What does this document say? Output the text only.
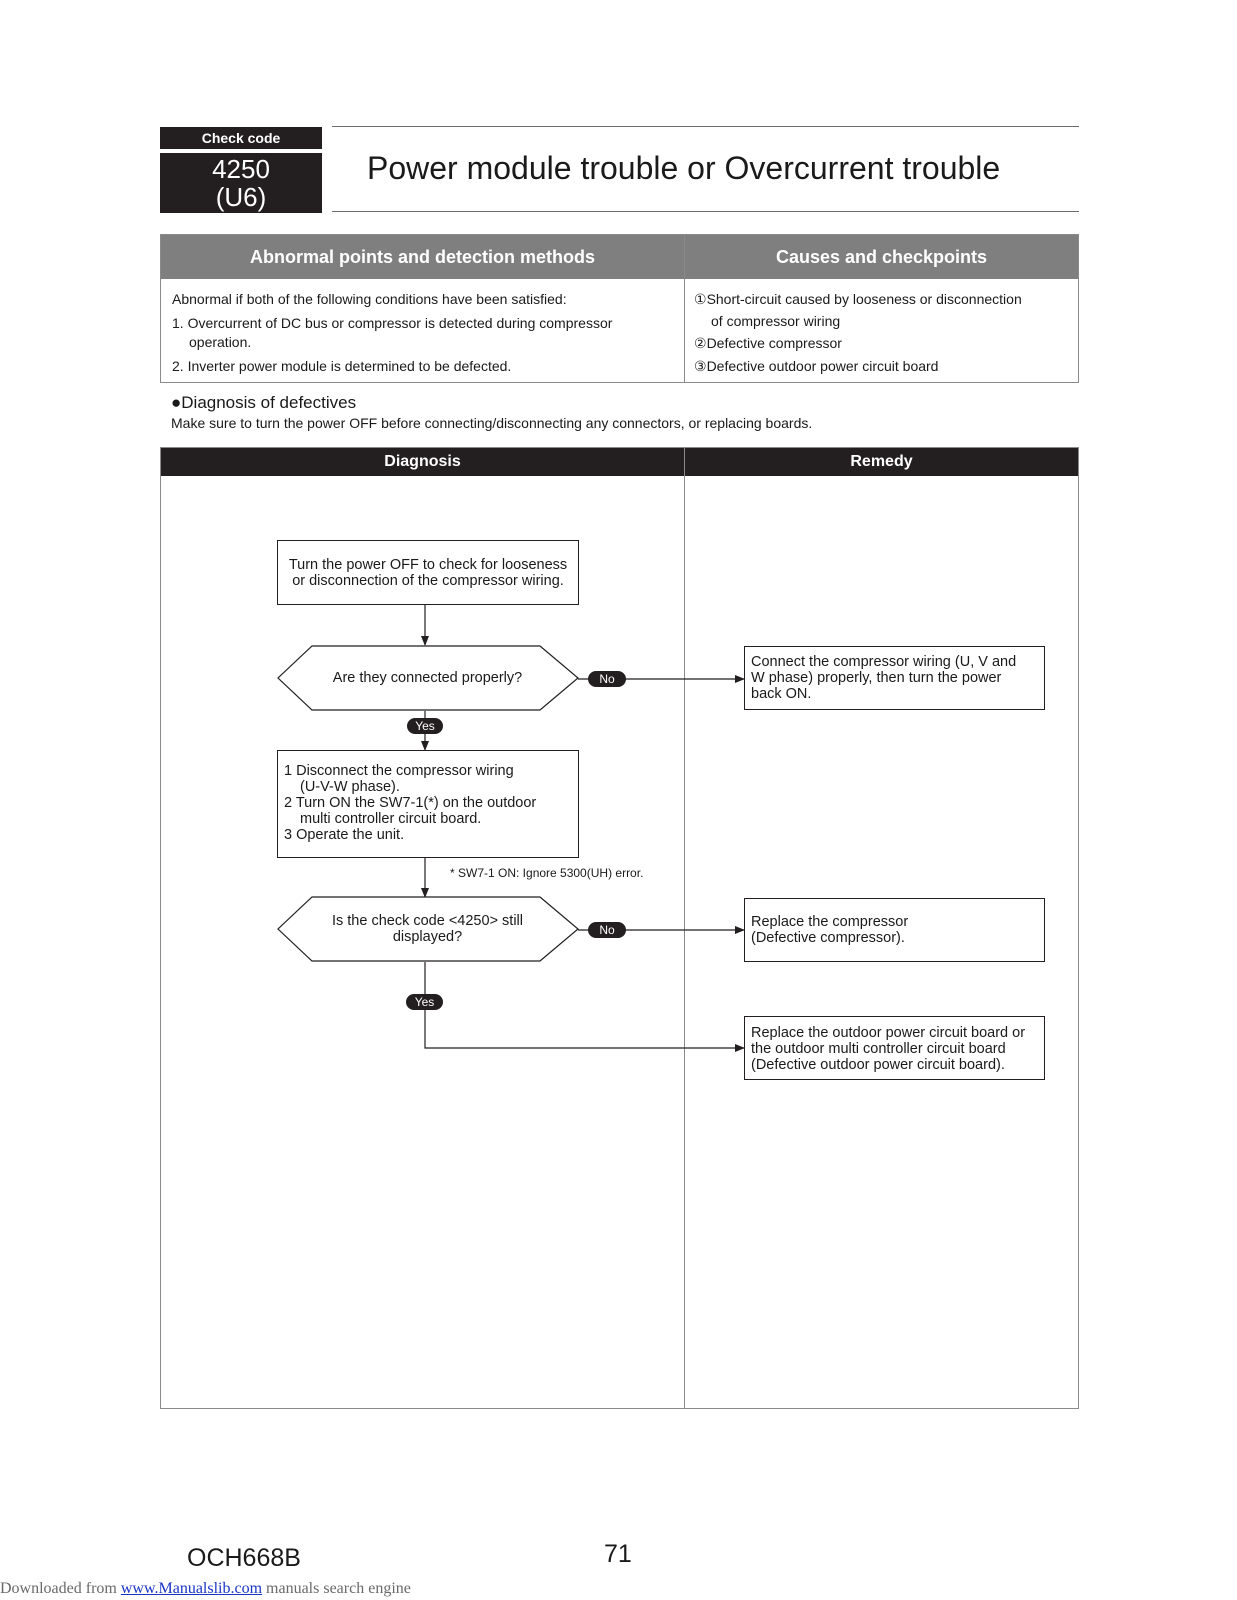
Check code
4250
(U6)
Power module trouble or Overcurrent trouble
Abnormal points and detection methods	Causes and checkpoints
Abnormal if both of the following conditions have been satisfied:
1. Overcurrent of DC bus or compressor is detected during compressor
operation.
2. Inverter power module is determined to be defected.
①Short-circuit caused by looseness or disconnection
of compressor wiring
②Defective compressor
③Defective outdoor power circuit board
●Diagnosis of defectives
Make sure to turn the power OFF before connecting/disconnecting any connectors, or replacing boards.
Diagnosis	Remedy
Turn the power OFF to check for looseness
or disconnection of the compressor wiring.
Are they connected properly?	No
Yes
Connect the compressor wiring (U, V and
W phase) properly, then turn the power
back ON.
1 Disconnect the compressor wiring
(U-V-W phase).
2 Turn ON the SW7-1(*) on the outdoor
multi controller circuit board.
3 Operate the unit.
* SW7-1 ON: Ignore 5300(UH) error.
Is the check code <4250> still
displayed?	No
Yes
Replace the compressor
(Defective compressor).
Replace the outdoor power circuit board or
the outdoor multi controller circuit board
(Defective outdoor power circuit board).
OCH668B	71
Downloaded from www.Manualslib.com manuals search engine
